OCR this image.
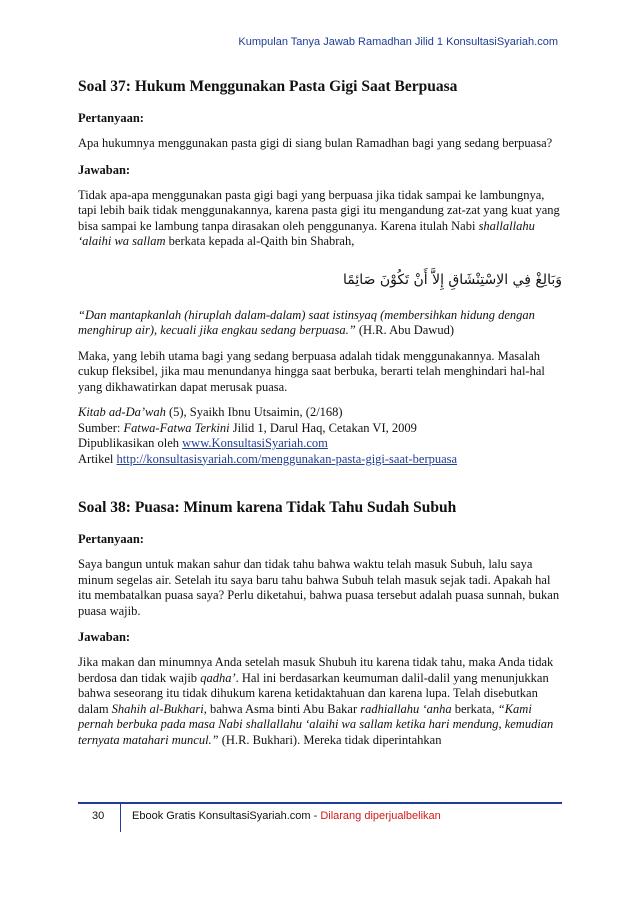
Kumpulan Tanya Jawab Ramadhan Jilid 1 KonsultasiSyariah.com
Soal 37: Hukum Menggunakan Pasta Gigi Saat Berpuasa
Pertanyaan:

Apa hukumnya menggunakan pasta gigi di siang bulan Ramadhan bagi yang sedang berpuasa?

Jawaban:

Tidak apa-apa menggunakan pasta gigi bagi yang berpuasa jika tidak sampai ke lambungnya, tapi lebih baik tidak menggunakannya, karena pasta gigi itu mengandung zat-zat yang kuat yang bisa sampai ke lambung tanpa dirasakan oleh penggunanya. Karena itulah Nabi shallallahu ‘alaihi wa sallam berkata kepada al-Qaith bin Shabrah,

وَبَالِغْ فِي الاِسْتِنْشَاقِ إِلاَّ أَنْ تَكُوْنَ صَائِمًا

“Dan mantapkanlah (hiruplah dalam-dalam) saat istinsyaq (membersihkan hidung dengan menghirup air), kecuali jika engkau sedang berpuasa.” (H.R. Abu Dawud)

Maka, yang lebih utama bagi yang sedang berpuasa adalah tidak menggunakannya. Masalah cukup fleksibel, jika mau menundanya hingga saat berbuka, berarti telah menghindari hal-hal yang dikhawatirkan dapat merusak puasa.

Kitab ad-Da’wah (5), Syaikh Ibnu Utsaimin, (2/168)

Sumber: Fatwa-Fatwa Terkini Jilid 1, Darul Haq, Cetakan VI, 2009

Dipublikasikan oleh www.KonsultasiSyariah.com

Artikel http://konsultasisyariah.com/menggunakan-pasta-gigi-saat-berpuasa

Soal 38: Puasa: Minum karena Tidak Tahu Sudah Subuh
Pertanyaan:

Saya bangun untuk makan sahur dan tidak tahu bahwa waktu telah masuk Subuh, lalu saya minum segelas air. Setelah itu saya baru tahu bahwa Subuh telah masuk sejak tadi. Apakah hal itu membatalkan puasa saya? Perlu diketahui, bahwa puasa tersebut adalah puasa sunnah, bukan puasa wajib.

Jawaban:

Jika makan dan minumnya Anda setelah masuk Shubuh itu karena tidak tahu, maka Anda tidak berdosa dan tidak wajib qadha’. Hal ini berdasarkan keumuman dalil-dalil yang menunjukkan bahwa seseorang itu tidak dihukum karena ketidaktahuan dan karena lupa. Telah disebutkan dalam Shahih al-Bukhari, bahwa Asma binti Abu Bakar radhiallahu ‘anha berkata, “Kami pernah berbuka pada masa Nabi shallallahu ‘alaihi wa sallam ketika hari mendung, kemudian ternyata matahari muncul.” (H.R. Bukhari). Mereka tidak diperintahkan

30	Ebook Gratis KonsultasiSyariah.com - Dilarang diperjualbelikan
